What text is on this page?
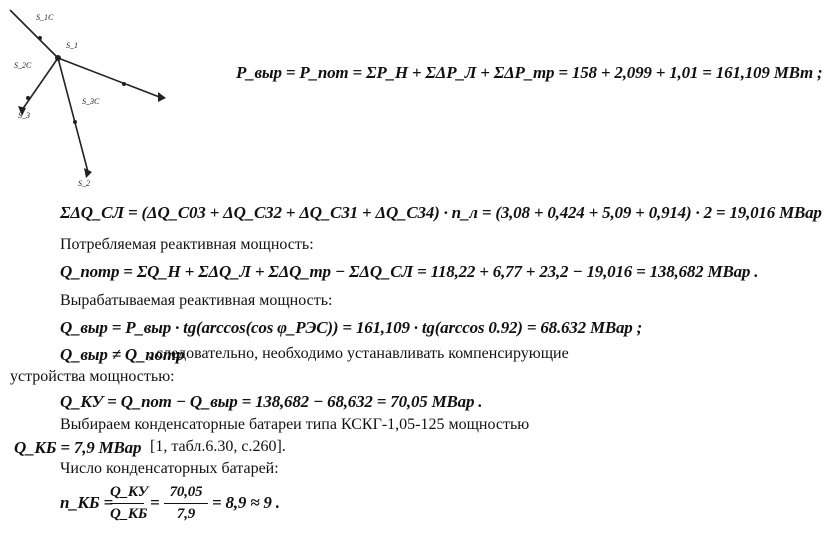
S_1C
S_1
S_2C
S_3C
S_3
S_2
P_выр = P_пот = ΣP_Н + ΣΔP_Л + ΣΔP_тр = 158 + 2,099 + 1,01 = 161,109 МВт ;
ΣΔQ_СЛ = (ΔQ_С03 + ΔQ_С32 + ΔQ_С31 + ΔQ_С34) · n_л = (3,08 + 0,424 + 5,09 + 0,914) · 2 = 19,016 МВар
Потребляемая реактивная мощность:
Q_потр = ΣQ_Н + ΣΔQ_Л + ΣΔQ_тр − ΣΔQ_СЛ = 118,22 + 6,77 + 23,2 − 19,016 = 138,682 МВар .
Вырабатываемая реактивная мощность:
Q_выр = P_выр · tg(arccos(cos φ_РЭС)) = 161,109 · tg(arccos 0.92) = 68.632 МВар ;
Q_выр ≠ Q_потр
, следовательно, необходимо устанавливать компенсирующие
устройства мощностью:
Q_КУ = Q_пот − Q_выр = 138,682 − 68,632 = 70,05 МВар .
Выбираем конденсаторные батареи типа КСКГ-1,05-125 мощностью
Q_КБ = 7,9 МВар [1, табл.6.30, с.260].
Число конденсаторных батарей:
n_КБ =
Q_КУ
Q_КБ
=
70,05
7,9
= 8,9 ≈ 9 .
